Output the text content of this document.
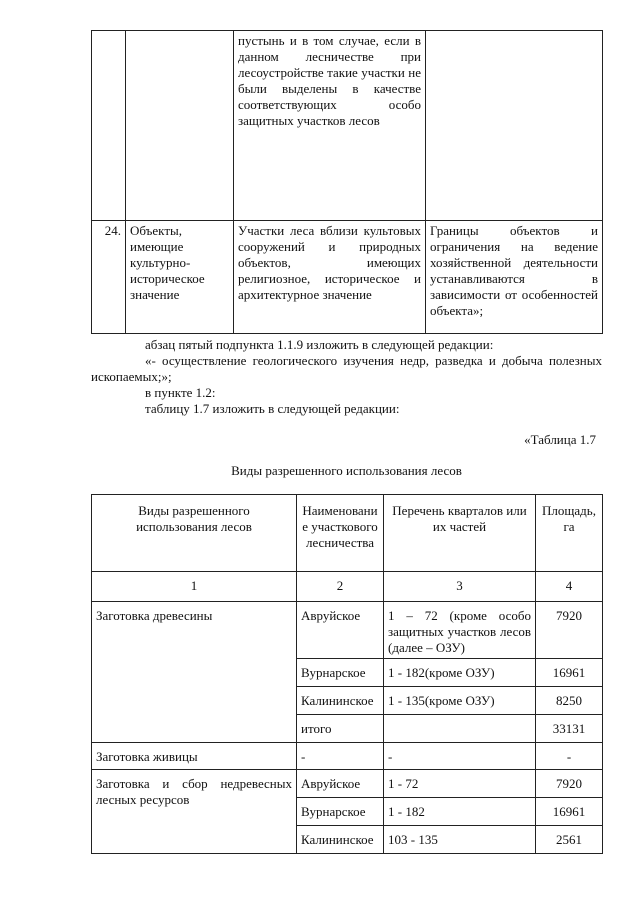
		пустынь и в том случае, если в данном лесничестве при лесоустройстве такие участки не были выделены в качестве соответствующих особо защитных участков лесов	
24.	Объекты, имеющие культурно-историческое значение	Участки леса вблизи культовых сооружений и природных объектов, имеющих религиозное, историческое и архитектурное значение	Границы объектов и ограничения на ведение хозяйственной деятельности устанавливаются в зависимости от особенностей объекта»;
абзац пятый подпункта 1.1.9 изложить в следующей редакции:
«- осуществление геологического изучения недр, разведка и добыча полезных ископаемых;»;
в пункте 1.2:
таблицу 1.7 изложить в следующей редакции:
«Таблица 1.7
Виды разрешенного использования лесов
Виды разрешенного использования лесов	Наименовани е участкового лесничества	Перечень кварталов или их частей	Площадь, га
1	2	3	4
Заготовка древесины	Авруйское	1 – 72 (кроме особо защитных участков лесов (далее – ОЗУ)	7920
	Вурнарское	1 - 182(кроме ОЗУ)	16961
	Калининское	1 - 135(кроме ОЗУ)	8250
	итого		33131
Заготовка живицы	-	-	-
Заготовка и сбор недревесных лесных ресурсов	Авруйское	1 - 72	7920
	Вурнарское	1 - 182	16961
	Калининское	103 - 135	2561
